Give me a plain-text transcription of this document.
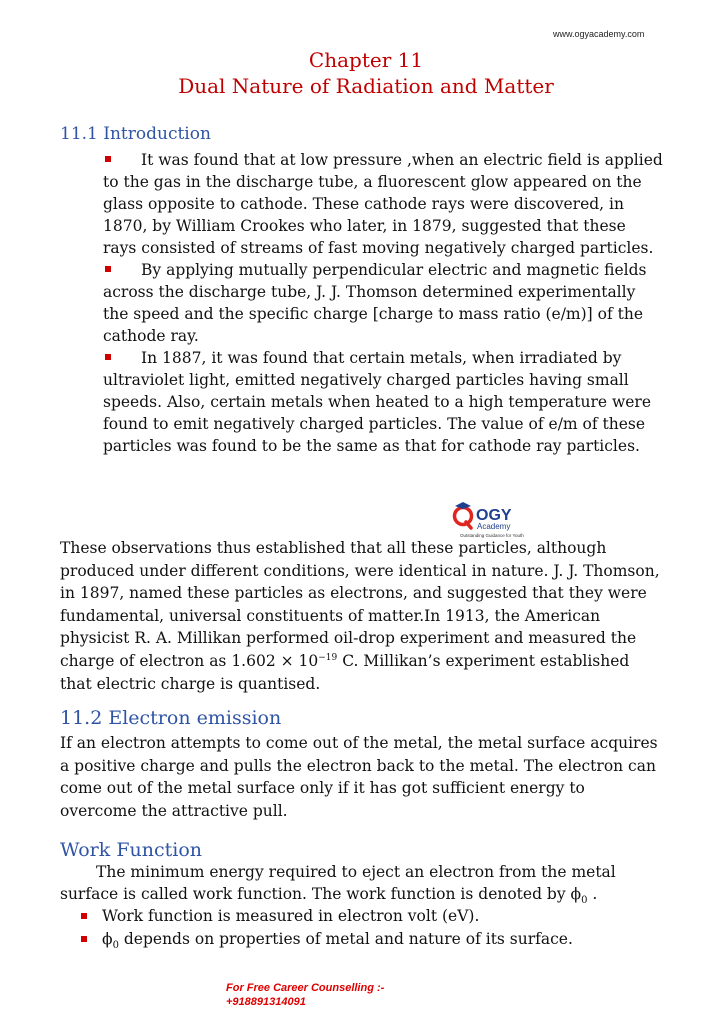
www.ogyacademy.com
Chapter 11
Dual Nature of Radiation and Matter
11.1 Introduction

It was found that at low pressure ,when an electric field is applied to the gas in the discharge tube, a fluorescent glow appeared on the glass opposite to cathode. These cathode rays were discovered, in 1870, by William Crookes who later, in 1879, suggested that these rays consisted of streams of fast moving negatively charged particles.

By applying mutually perpendicular electric and magnetic fields across the discharge tube, J. J. Thomson determined experimentally the speed and the specific charge [charge to mass ratio (e/m)] of the cathode ray.

In 1887, it was found that certain metals, when irradiated by ultraviolet light, emitted negatively charged particles having small speeds. Also, certain metals when heated to a high temperature were found to emit negatively charged particles. The value of e/m of these particles was found to be the same as that for cathode ray particles.

OGY
Academy
Outstanding Guidance for Youth

These observations thus established that all these particles, although produced under different conditions, were identical in nature. J. J. Thomson, in 1897, named these particles as electrons, and suggested that they were fundamental, universal constituents of matter.In 1913, the American physicist R. A. Millikan performed oil-drop experiment and measured the charge of electron as $1.602 \times 10^{-19}$ C. Millikan’s experiment established that electric charge is quantised.

11.2 Electron emission

If an electron attempts to come out of the metal, the metal surface acquires a positive charge and pulls the electron back to the metal. The electron can come out of the metal surface only if it has got sufficient energy to overcome the attractive pull.

Work Function

The minimum energy required to eject an electron from the metal surface is called work function. The work function is denoted by $\phi_0$ .

Work function is measured in electron volt (eV).
$\phi_0$ depends on properties of metal and nature of its surface.
For Free Career Counselling :-
+918891314091
